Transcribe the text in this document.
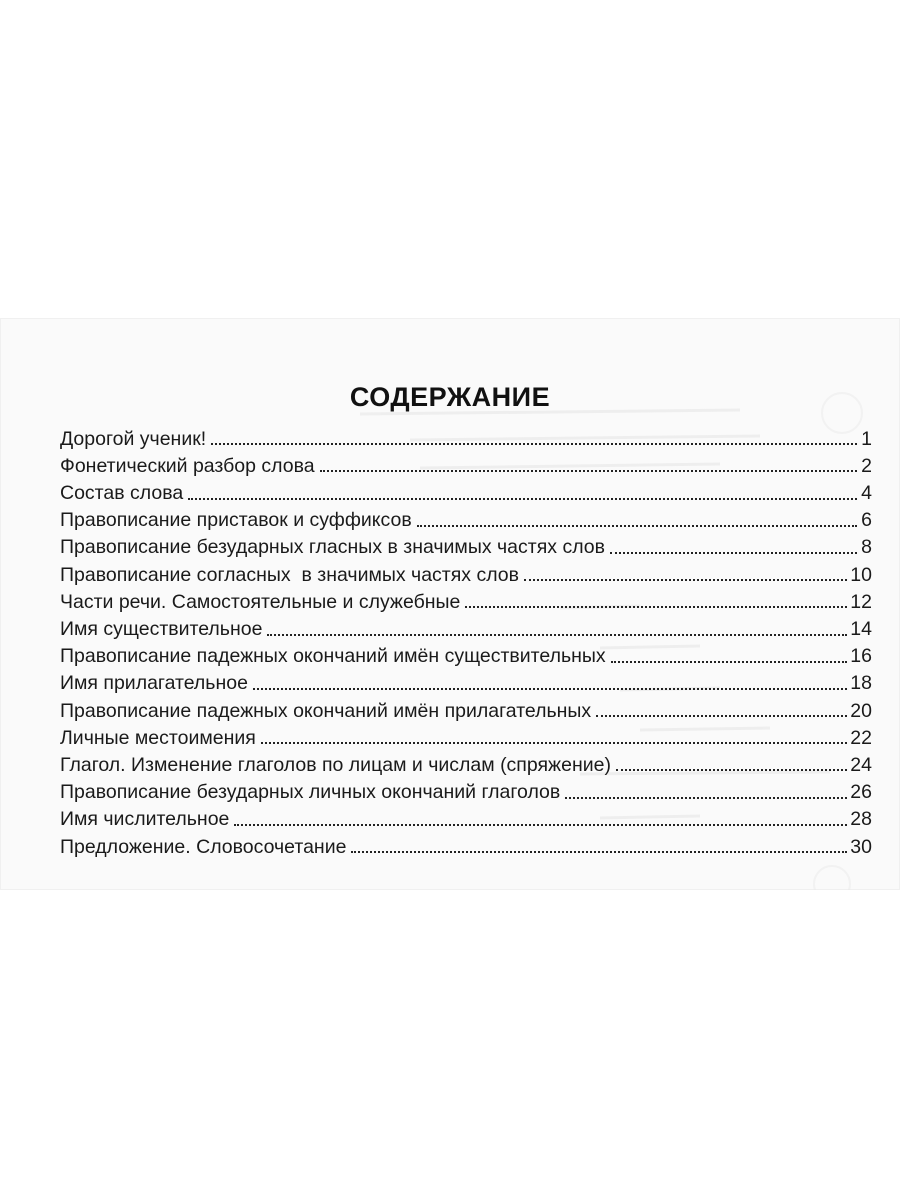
СОДЕРЖАНИЕ
Дорогой ученик!	1
Фонетический разбор слова	2
Состав слова	4
Правописание приставок и суффиксов	6
Правописание безударных гласных в значимых частях слов	8
Правописание согласных  в значимых частях слов	10
Части речи. Самостоятельные и служебные	12
Имя существительное	14
Правописание падежных окончаний имён существительных	16
Имя прилагательное	18
Правописание падежных окончаний имён прилагательных	20
Личные местоимения	22
Глагол. Изменение глаголов по лицам и числам (спряжение)	24
Правописание безударных личных окончаний глаголов	26
Имя числительное	28
Предложение. Словосочетание	30
